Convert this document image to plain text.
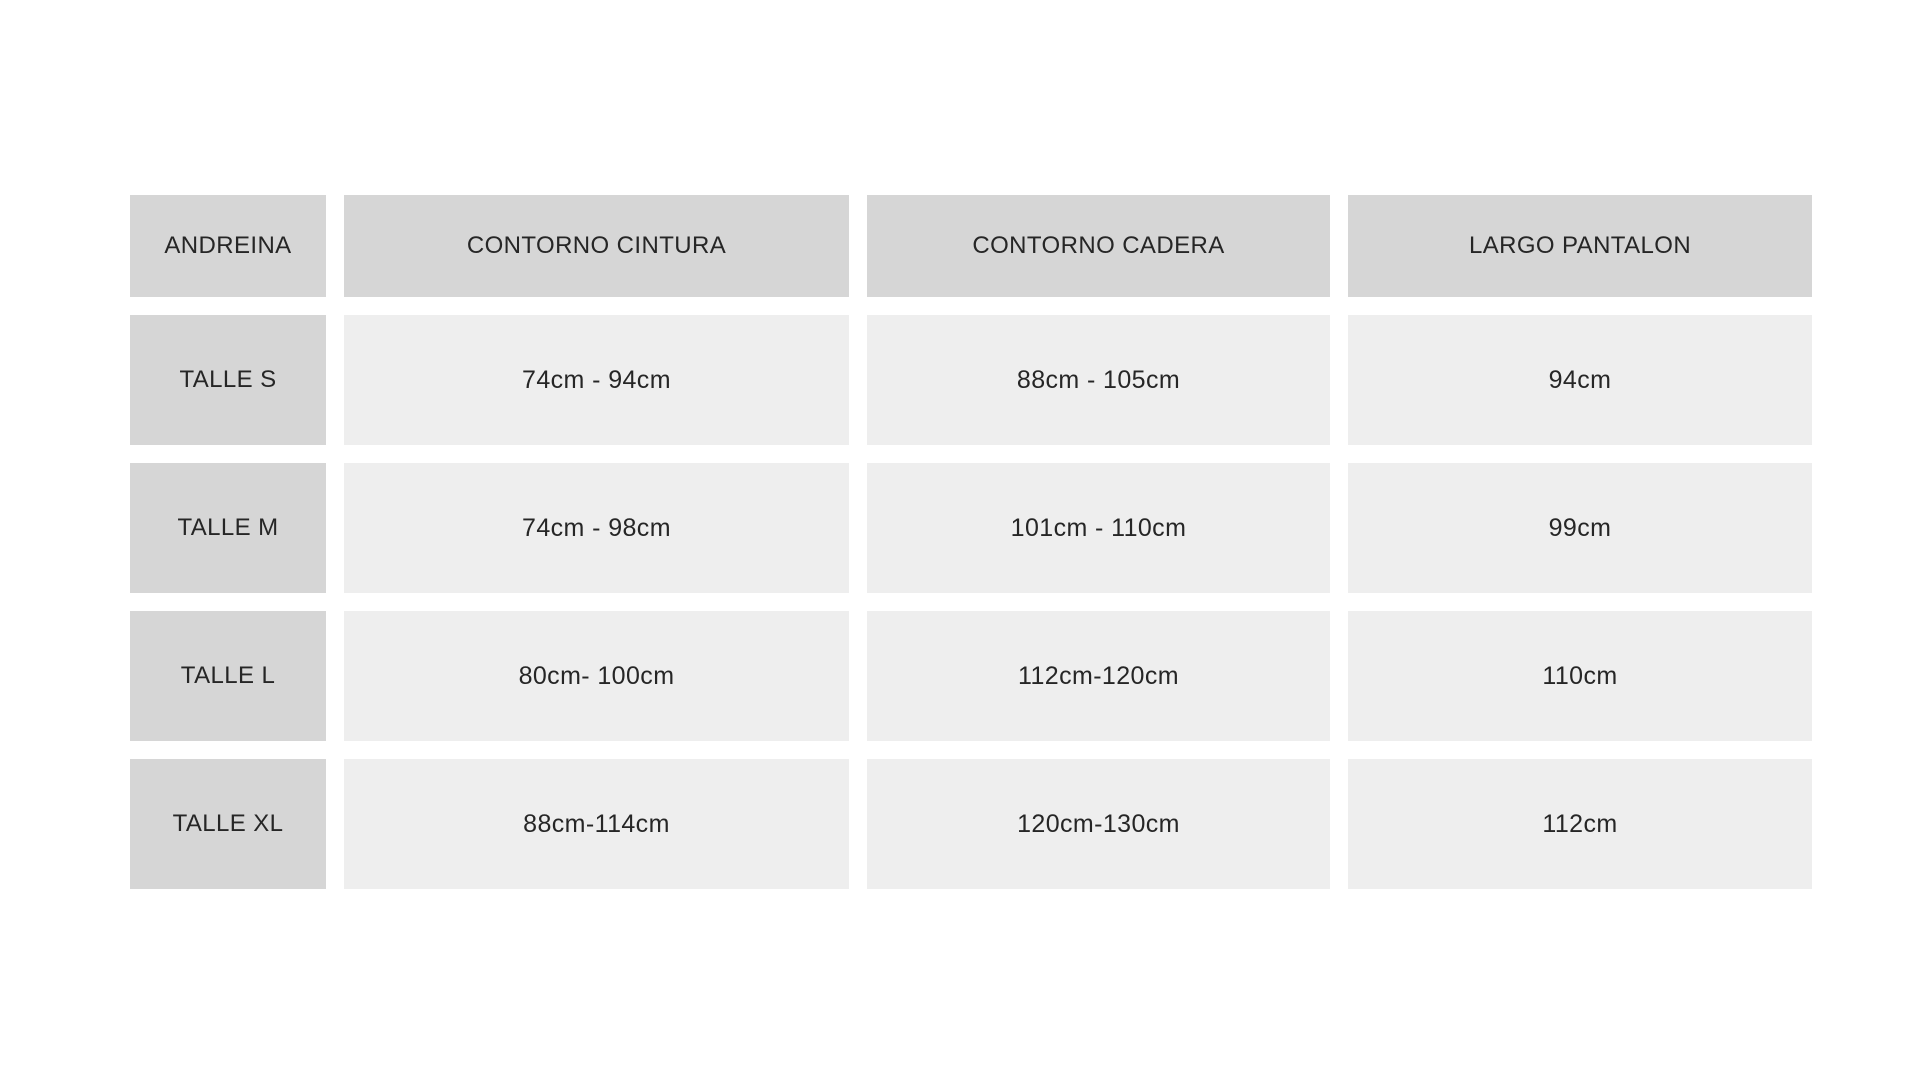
ANDREINA	CONTORNO CINTURA	CONTORNO CADERA	LARGO PANTALON
TALLE S	74cm - 94cm	88cm - 105cm	94cm
TALLE M	74cm - 98cm	101cm - 110cm	99cm
TALLE L	80cm- 100cm	112cm-120cm	110cm
TALLE XL	88cm-114cm	120cm-130cm	112cm
